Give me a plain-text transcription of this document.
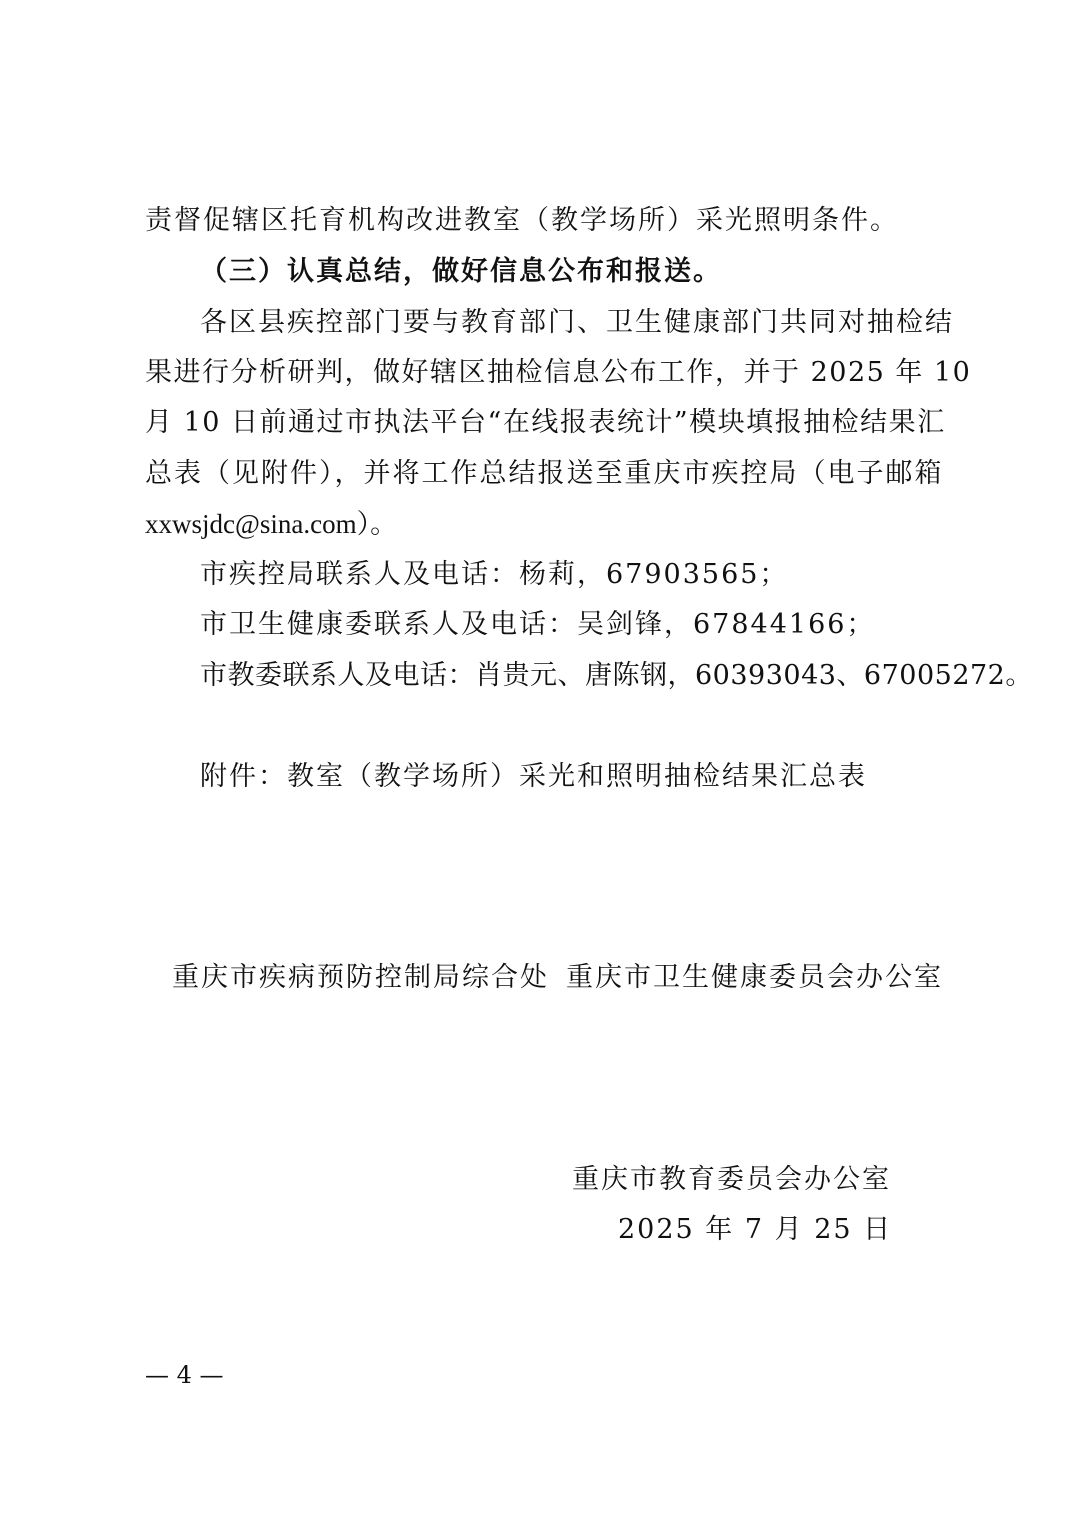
责督促辖区托育机构改进教室（教学场所）采光照明条件。
（三）认真总结，做好信息公布和报送。
各区县疾控部门要与教育部门、卫生健康部门共同对抽检结
果进行分析研判，做好辖区抽检信息公布工作，并于 2025 年 10
月 10 日前通过市执法平台“在线报表统计”模块填报抽检结果汇
总表（见附件），并将工作总结报送至重庆市疾控局（电子邮箱
xxwsjdc@sina.com）。
市疾控局联系人及电话：杨莉，67903565；
市卫生健康委联系人及电话：吴剑锋，67844166；
市教委联系人及电话：肖贵元、唐陈钢，60393043、67005272。
附件：教室（教学场所）采光和照明抽检结果汇总表
重庆市疾病预防控制局综合处 重庆市卫生健康委员会办公室
重庆市教育委员会办公室
2025 年 7 月 25 日
— 4 —
